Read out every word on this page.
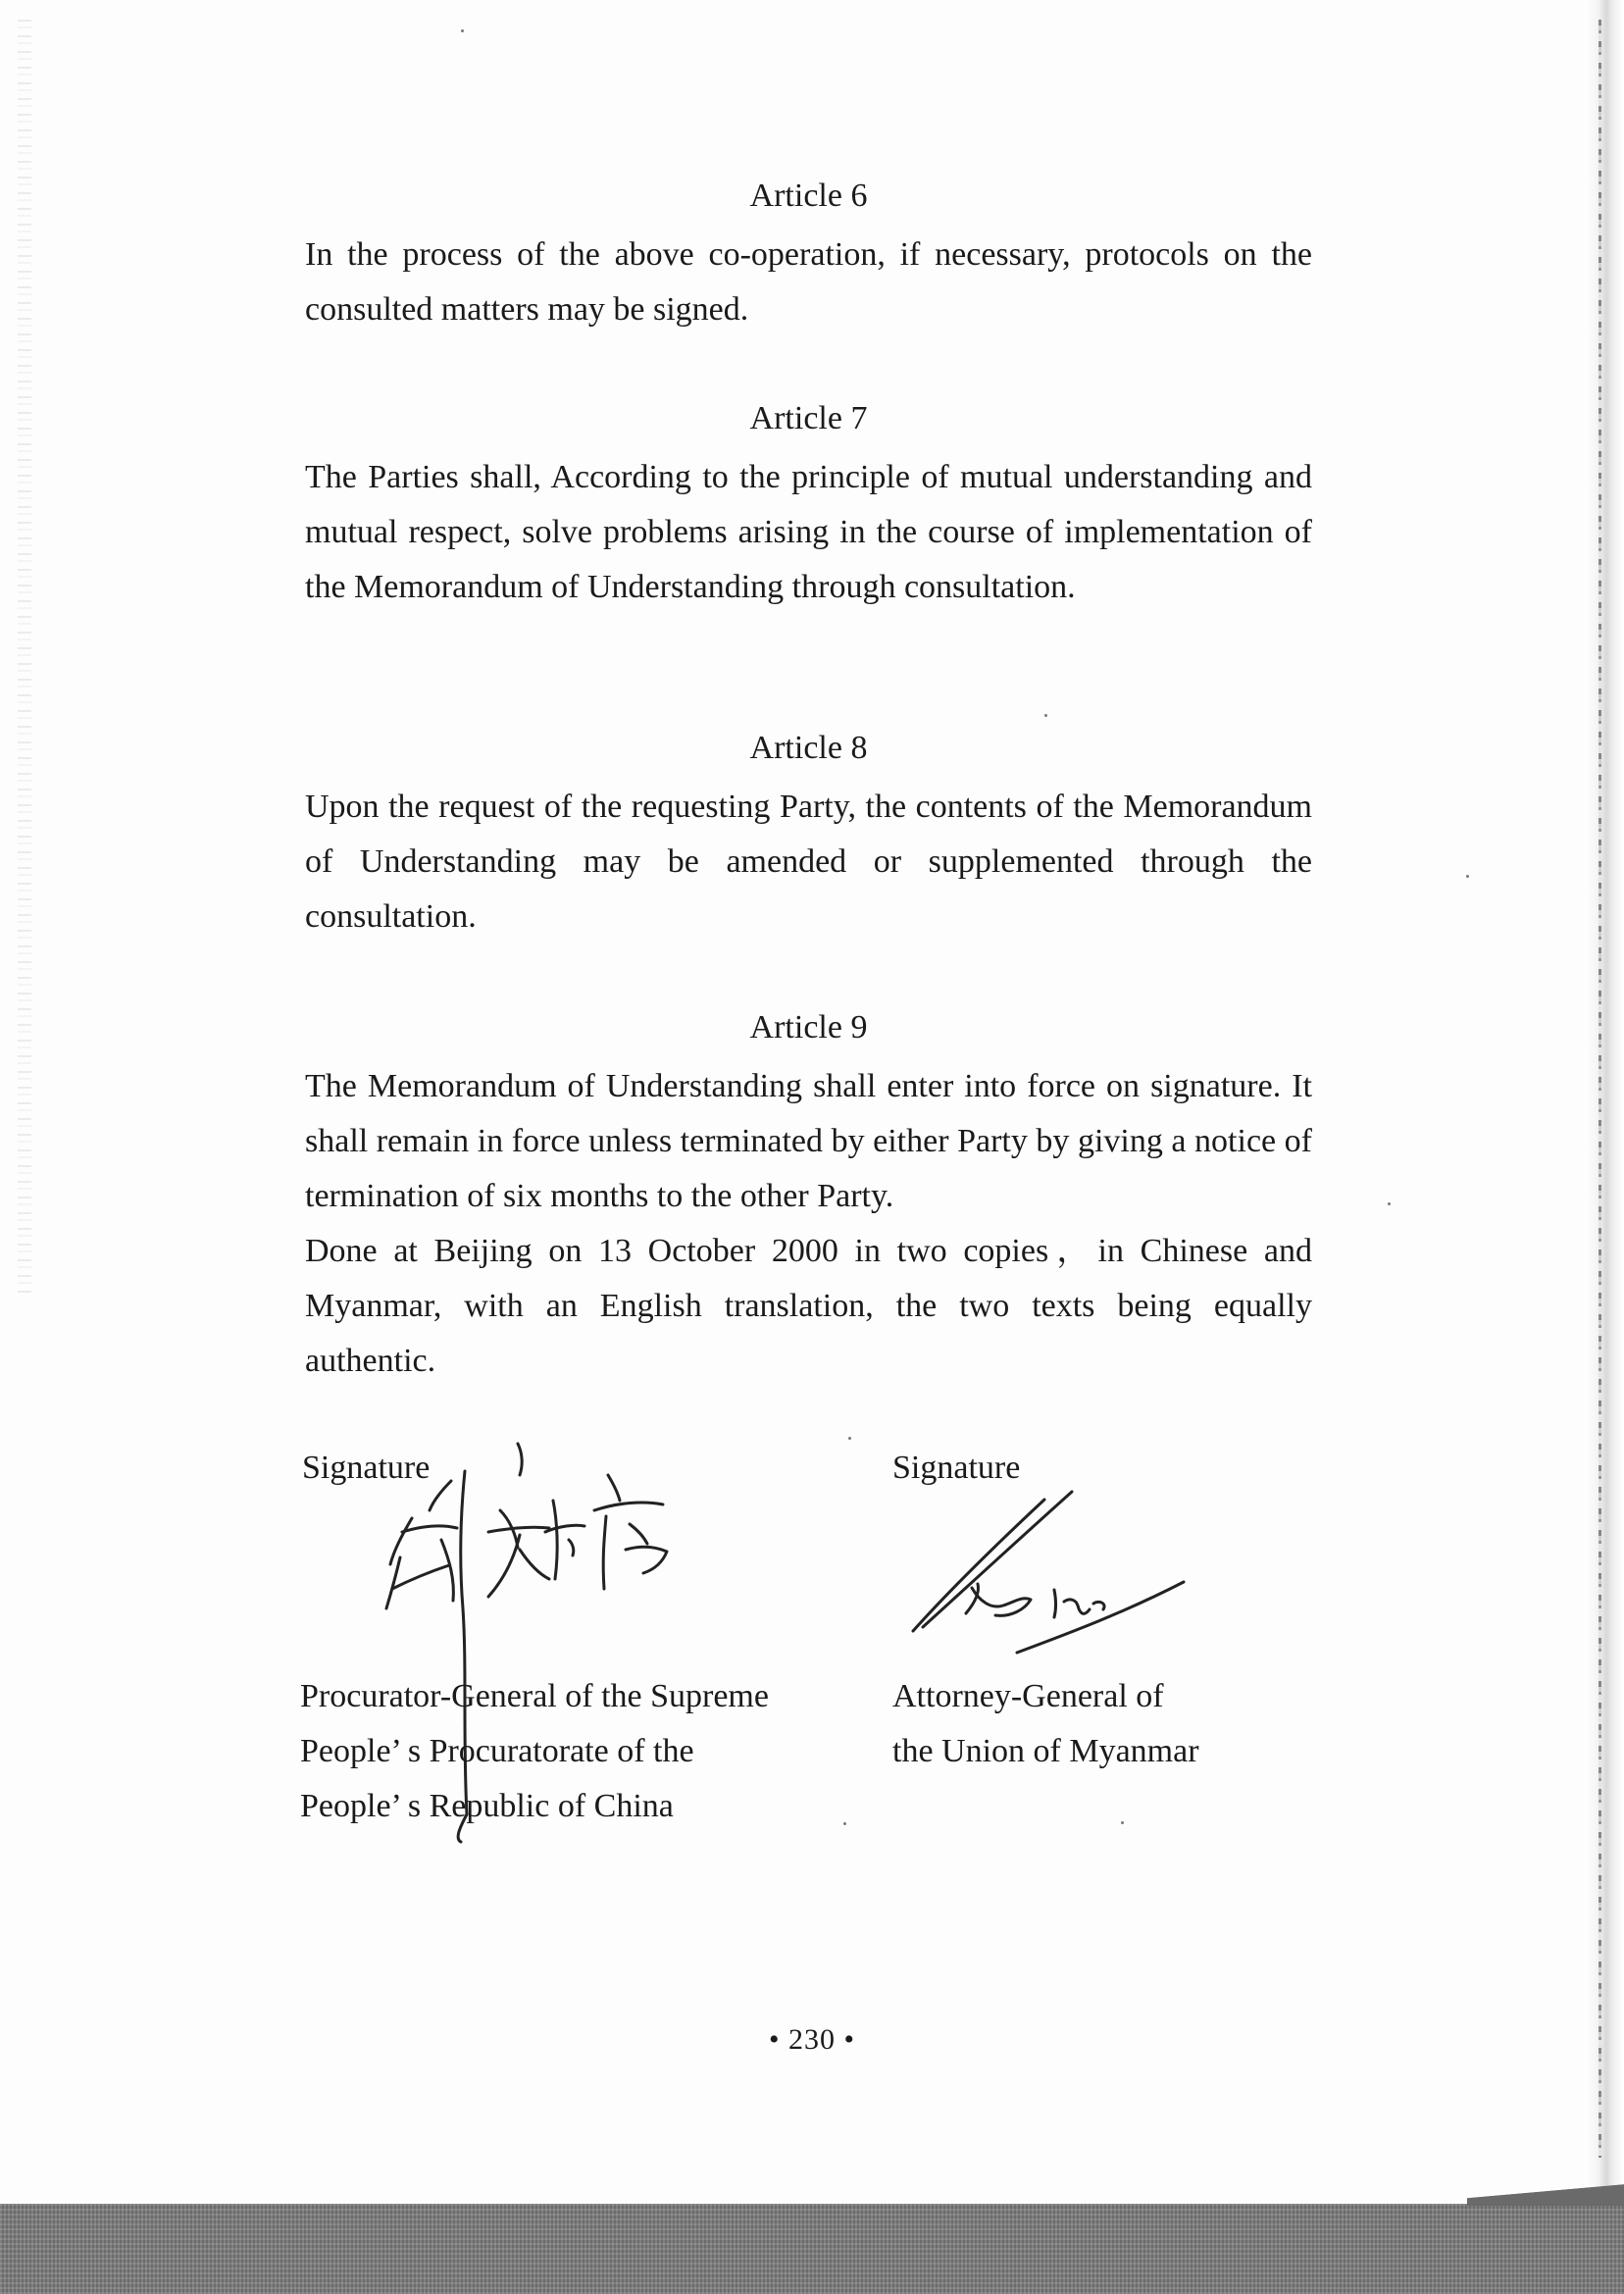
Article 6

In the process of the above co-operation, if necessary, protocols on the consulted matters may be signed.

Article 7

The Parties shall, According to the principle of mutual understanding and mutual respect, solve problems arising in the course of implementation of the Memorandum of Understanding through consultation.

Article 8

Upon the request of the requesting Party, the contents of the Memorandum of Understanding may be amended or supplemented through the consultation.

Article 9

The Memorandum of Understanding shall enter into force on signature. It shall remain in force unless terminated by either Party by giving a notice of termination of six months to the other Party.

Done at Beijing on 13 October 2000 in two copies，in Chinese and Myanmar, with an English translation, the two texts being equally authentic.

Signature
Procurator-General of the Supreme
People’ s Procuratorate of the
People’ s Republic of China
Signature
Attorney-General of
the Union of Myanmar
• 230 •
